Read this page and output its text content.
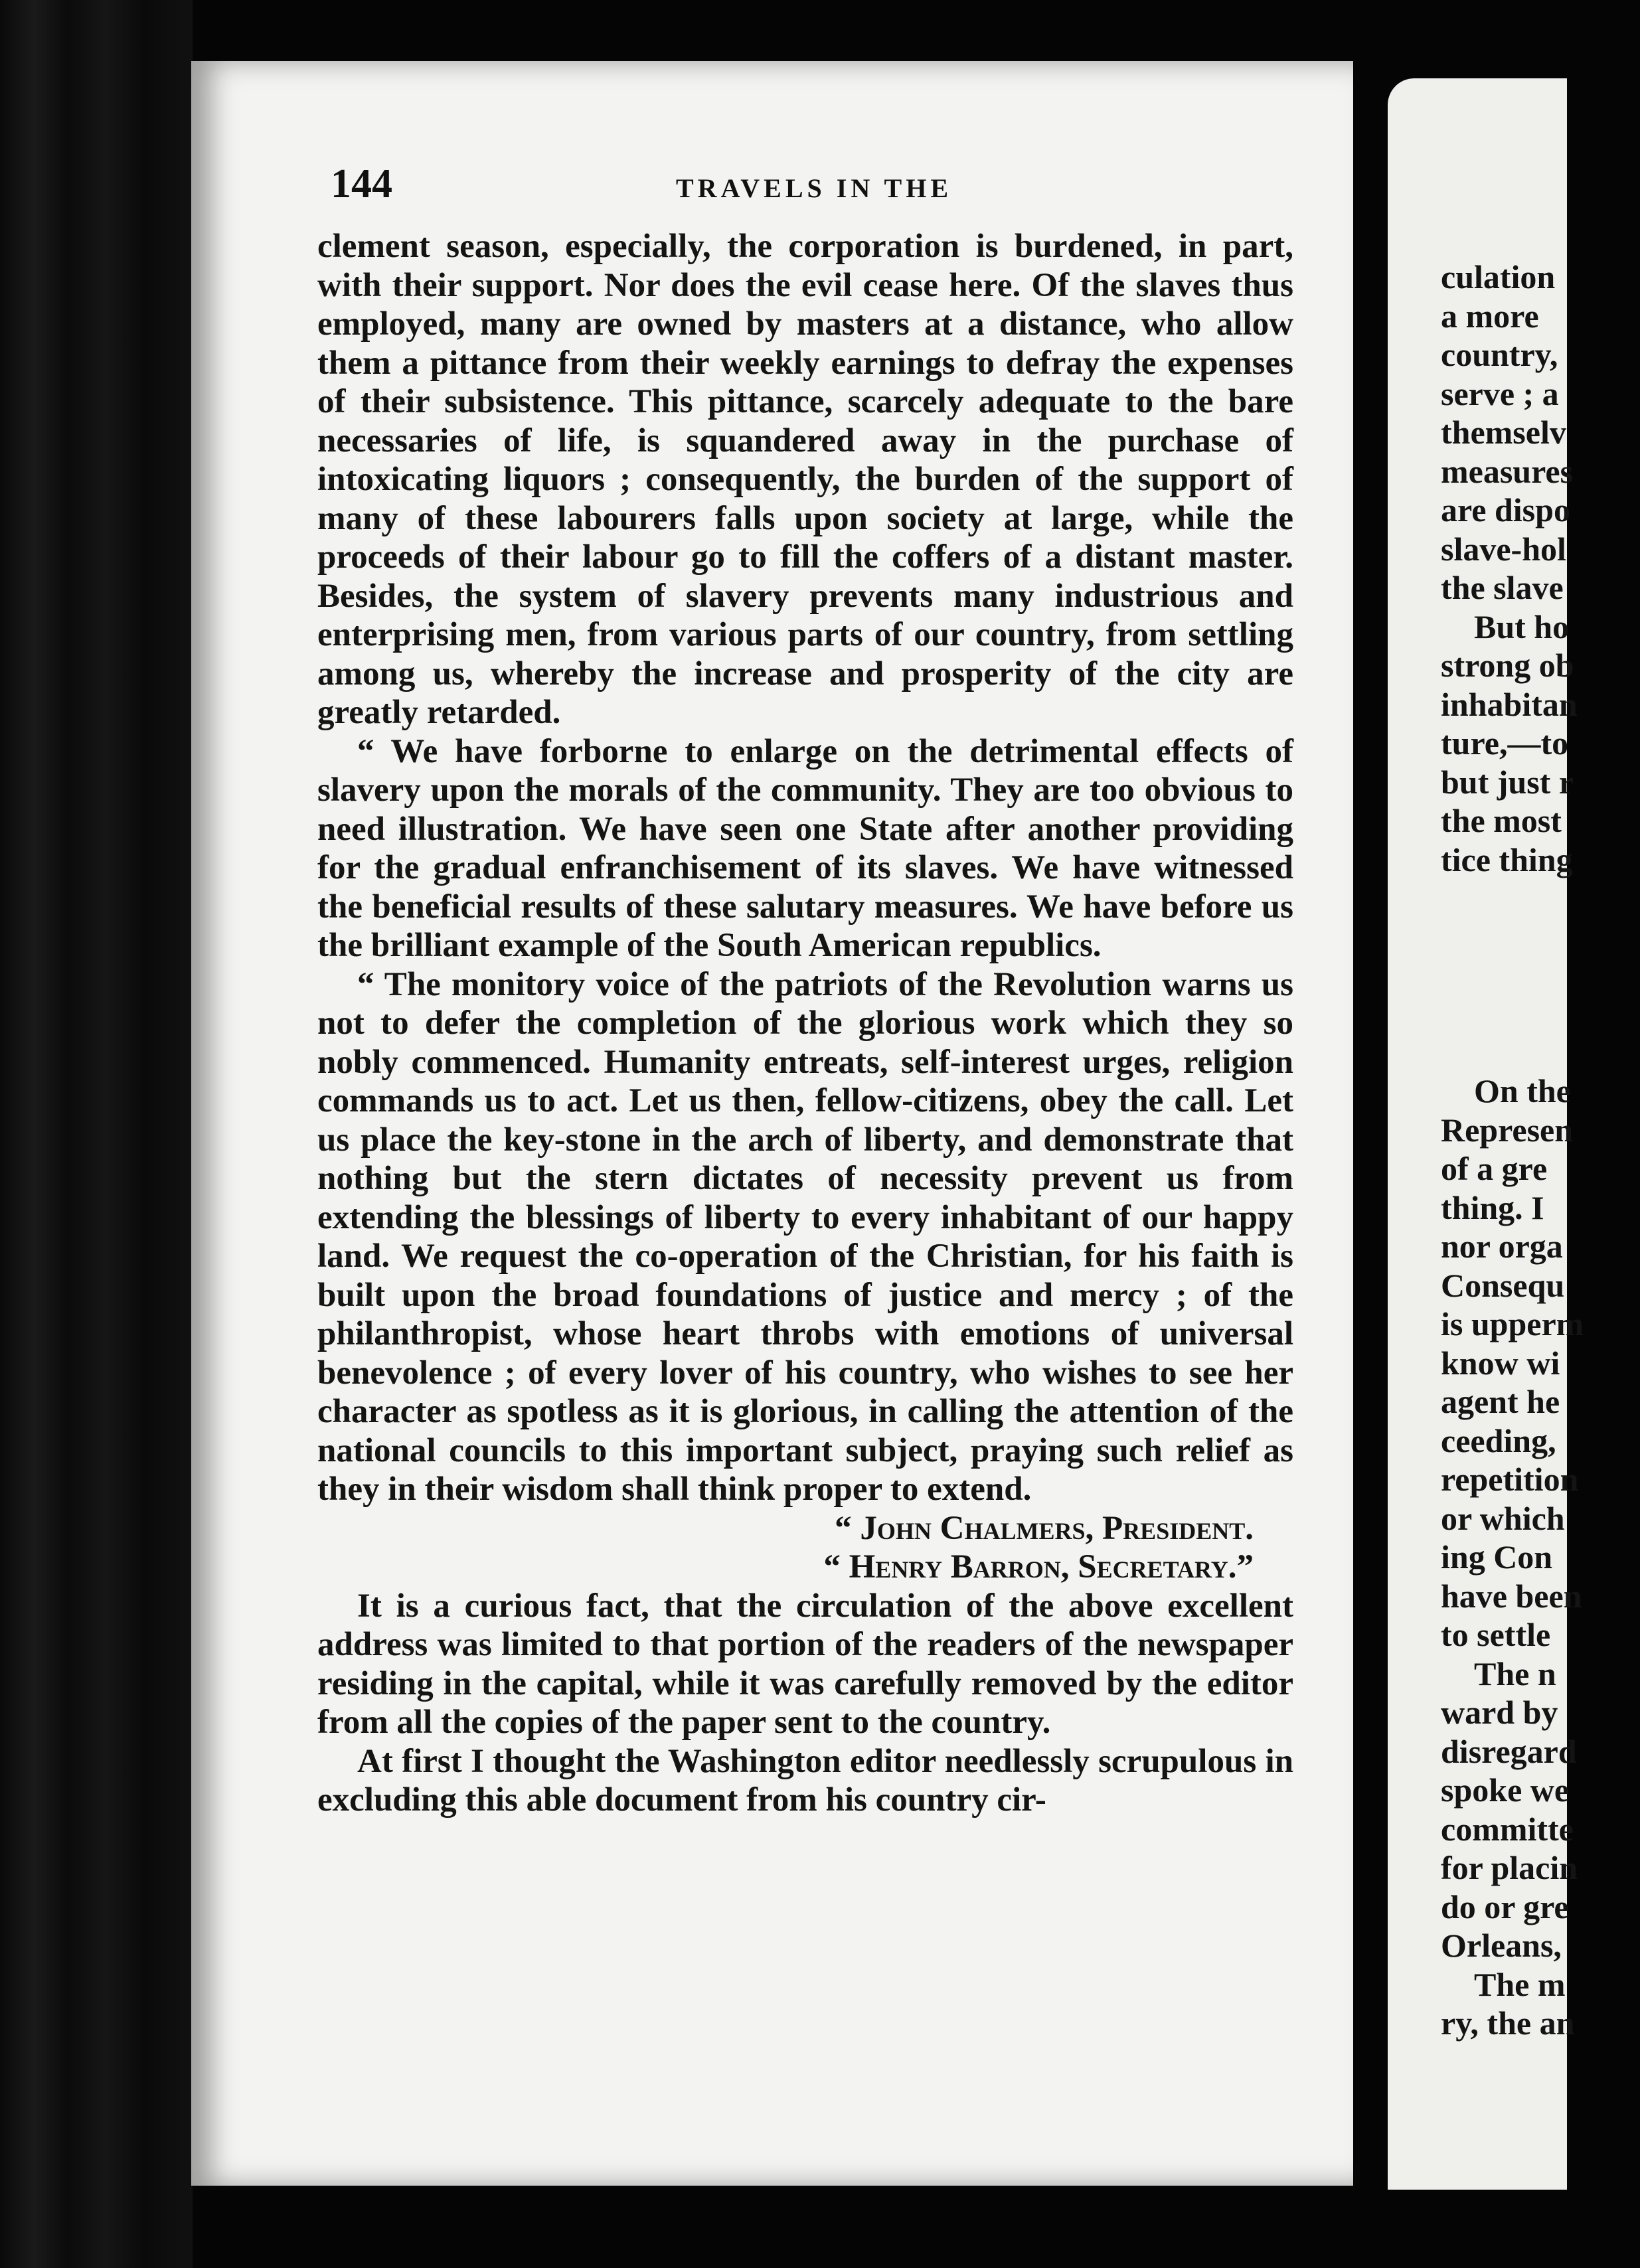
144	TRAVELS IN THE

clement season, especially, the corporation is burdened, in part, with their support. Nor does the evil cease here. Of the slaves thus employed, many are owned by masters at a distance, who allow them a pittance from their weekly earnings to defray the expenses of their subsistence. This pittance, scarcely adequate to the bare necessaries of life, is squandered away in the purchase of intoxicating liquors ; consequently, the burden of the support of many of these labourers falls upon society at large, while the proceeds of their labour go to fill the coffers of a distant master. Besides, the system of slavery prevents many industrious and enterprising men, from various parts of our country, from settling among us, whereby the increase and prosperity of the city are greatly retarded.

“ We have forborne to enlarge on the detrimental effects of slavery upon the morals of the community. They are too obvious to need illustration. We have seen one State after another providing for the gradual enfranchisement of its slaves. We have witnessed the beneficial results of these salutary measures. We have before us the brilliant example of the South American republics.

“ The monitory voice of the patriots of the Revolution warns us not to defer the completion of the glorious work which they so nobly commenced. Humanity entreats, self-interest urges, religion commands us to act. Let us then, fellow-citizens, obey the call. Let us place the key-stone in the arch of liberty, and demonstrate that nothing but the stern dictates of necessity prevent us from extending the blessings of liberty to every inhabitant of our happy land. We request the co-operation of the Christian, for his faith is built upon the broad foundations of justice and mercy ; of the philanthropist, whose heart throbs with emotions of universal benevolence ; of every lover of his country, who wishes to see her character as spotless as it is glorious, in calling the attention of the national councils to this important subject, praying such relief as they in their wisdom shall think proper to extend.

“ John Chalmers, President.
“ Henry Barron, Secretary.”

It is a curious fact, that the circulation of the above excellent address was limited to that portion of the readers of the newspaper residing in the capital, while it was carefully removed by the editor from all the copies of the paper sent to the country.

At first I thought the Washington editor needlessly scrupulous in excluding this able document from his country cir-

culation
a more
country,
serve ; a
themselv
measures
are dispo
slave-hol
the slave
But ho
strong ob
inhabitan
ture,—to
but just r
the most
tice thing
On the
Represen
of a gre
thing. I
nor orga
Consequ
is upperm
know wi
agent he
ceeding,
repetition
or which
ing Con
have been
to settle
The n
ward by
disregard
spoke we
committe
for placin
do or gre
Orleans,
The m
ry, the an
